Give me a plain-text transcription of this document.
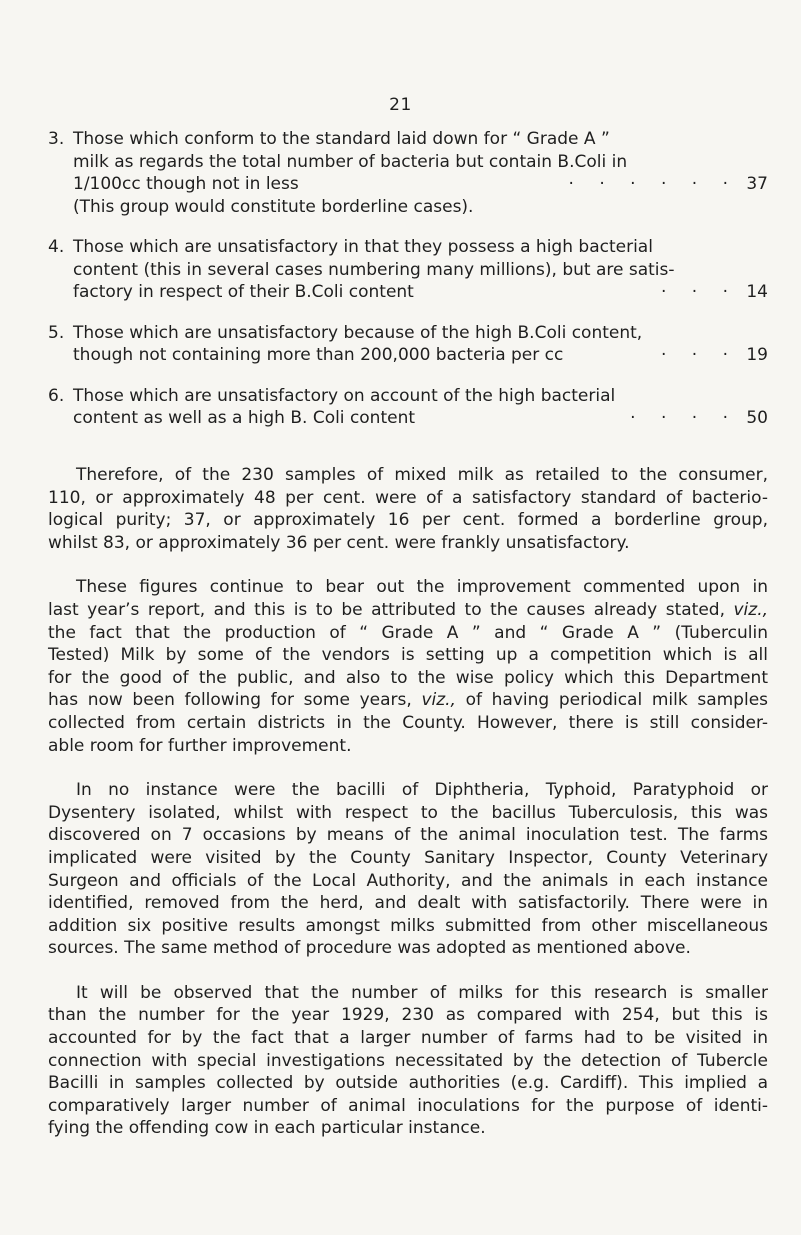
21
3. Those which conform to the standard laid down for “ Grade A ”
milk as regards the total number of bacteria but contain B.Coli in
1/100cc though not in less	· · · · · · 37
(This group would constitute borderline cases).
4. Those which are unsatisfactory in that they possess a high bacterial
content (this in several cases numbering many millions), but are satis-
factory in respect of their B.Coli content	· · · 14
5. Those which are unsatisfactory because of the high B.Coli content,
though not containing more than 200,000 bacteria per cc	· · · 19
6. Those which are unsatisfactory on account of the high bacterial
content as well as a high B. Coli content	· · · · 50
Therefore, of the 230 samples of mixed milk as retailed to the consumer,
110, or approximately 48 per cent. were of a satisfactory standard of bacterio-
logical purity; 37, or approximately 16 per cent. formed a borderline group,
whilst 83, or approximately 36 per cent. were frankly unsatisfactory.
These figures continue to bear out the improvement commented upon in
last year’s report, and this is to be attributed to the causes already stated, viz.,
the fact that the production of “ Grade A ” and “ Grade A ” (Tuberculin
Tested) Milk by some of the vendors is setting up a competition which is all
for the good of the public, and also to the wise policy which this Department
has now been following for some years, viz., of having periodical milk samples
collected from certain districts in the County. However, there is still consider-
able room for further improvement.
In no instance were the bacilli of Diphtheria, Typhoid, Paratyphoid or
Dysentery isolated, whilst with respect to the bacillus Tuberculosis, this was
discovered on 7 occasions by means of the animal inoculation test. The farms
implicated were visited by the County Sanitary Inspector, County Veterinary
Surgeon and officials of the Local Authority, and the animals in each instance
identified, removed from the herd, and dealt with satisfactorily. There were in
addition six positive results amongst milks submitted from other miscellaneous
sources. The same method of procedure was adopted as mentioned above.
It will be observed that the number of milks for this research is smaller
than the number for the year 1929, 230 as compared with 254, but this is
accounted for by the fact that a larger number of farms had to be visited in
connection with special investigations necessitated by the detection of Tubercle
Bacilli in samples collected by outside authorities (e.g. Cardiff). This implied a
comparatively larger number of animal inoculations for the purpose of identi-
fying the offending cow in each particular instance.
